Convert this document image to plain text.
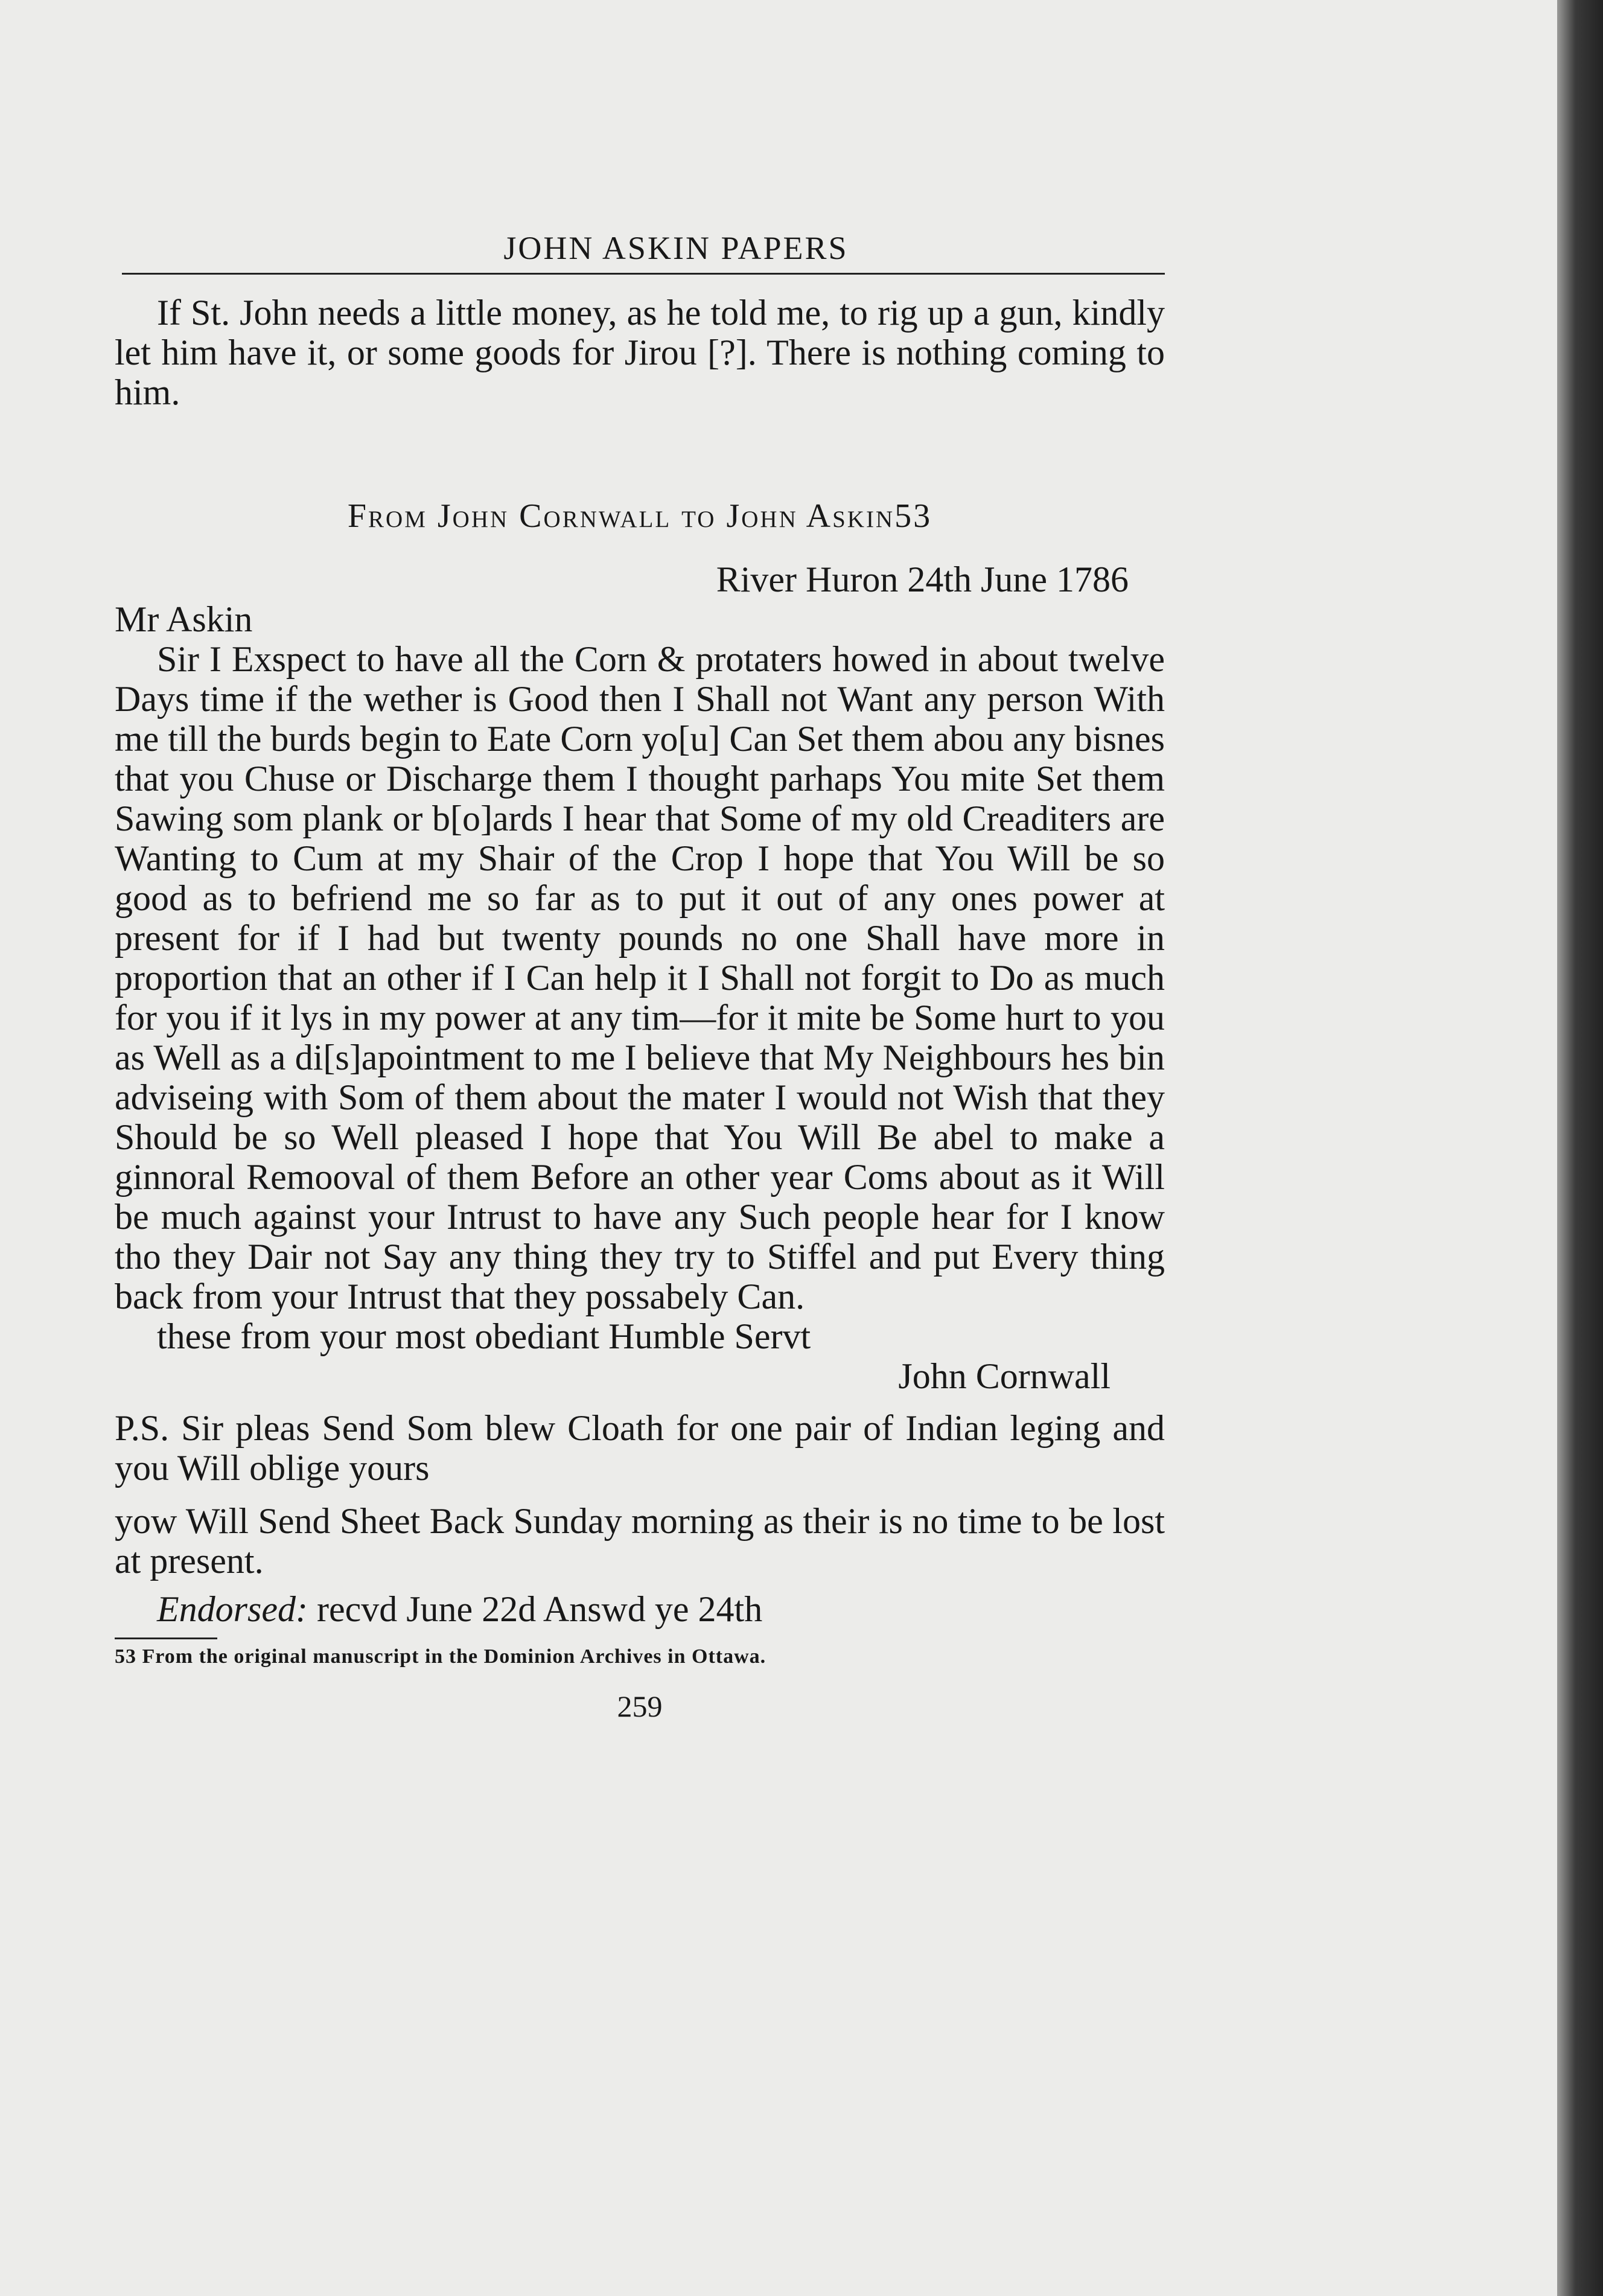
JOHN ASKIN PAPERS

If St. John needs a little money, as he told me, to rig up a gun, kindly let him have it, or some goods for Jirou [?]. There is nothing coming to him.

From John Cornwall to John Askin53

River Huron 24th June 1786

Mr Askin

Sir I Exspect to have all the Corn & protaters howed in about twelve Days time if the wether is Good then I Shall not Want any person With me till the burds begin to Eate Corn yo[u] Can Set them abou any bisnes that you Chuse or Discharge them I thought parhaps You mite Set them Sawing som plank or b[o]ards I hear that Some of my old Creaditers are Wanting to Cum at my Shair of the Crop I hope that You Will be so good as to befriend me so far as to put it out of any ones power at present for if I had but twenty pounds no one Shall have more in proportion that an other if I Can help it I Shall not forgit to Do as much for you if it lys in my power at any tim—for it mite be Some hurt to you as Well as a di[s]apointment to me I believe that My Neighbours hes bin adviseing with Som of them about the mater I would not Wish that they Should be so Well pleased I hope that You Will Be abel to make a ginnoral Remooval of them Before an other year Coms about as it Will be much against your Intrust to have any Such people hear for I know tho they Dair not Say any thing they try to Stiffel and put Every thing back from your Intrust that they possabely Can.

these from your most obediant Humble Servt

John Cornwall

P.S. Sir pleas Send Som blew Cloath for one pair of Indian leging and you Will oblige yours

yow Will Send Sheet Back Sunday morning as their is no time to be lost at present.

Endorsed: recvd June 22d Answd ye 24th

53 From the original manuscript in the Dominion Archives in Ottawa.

259
